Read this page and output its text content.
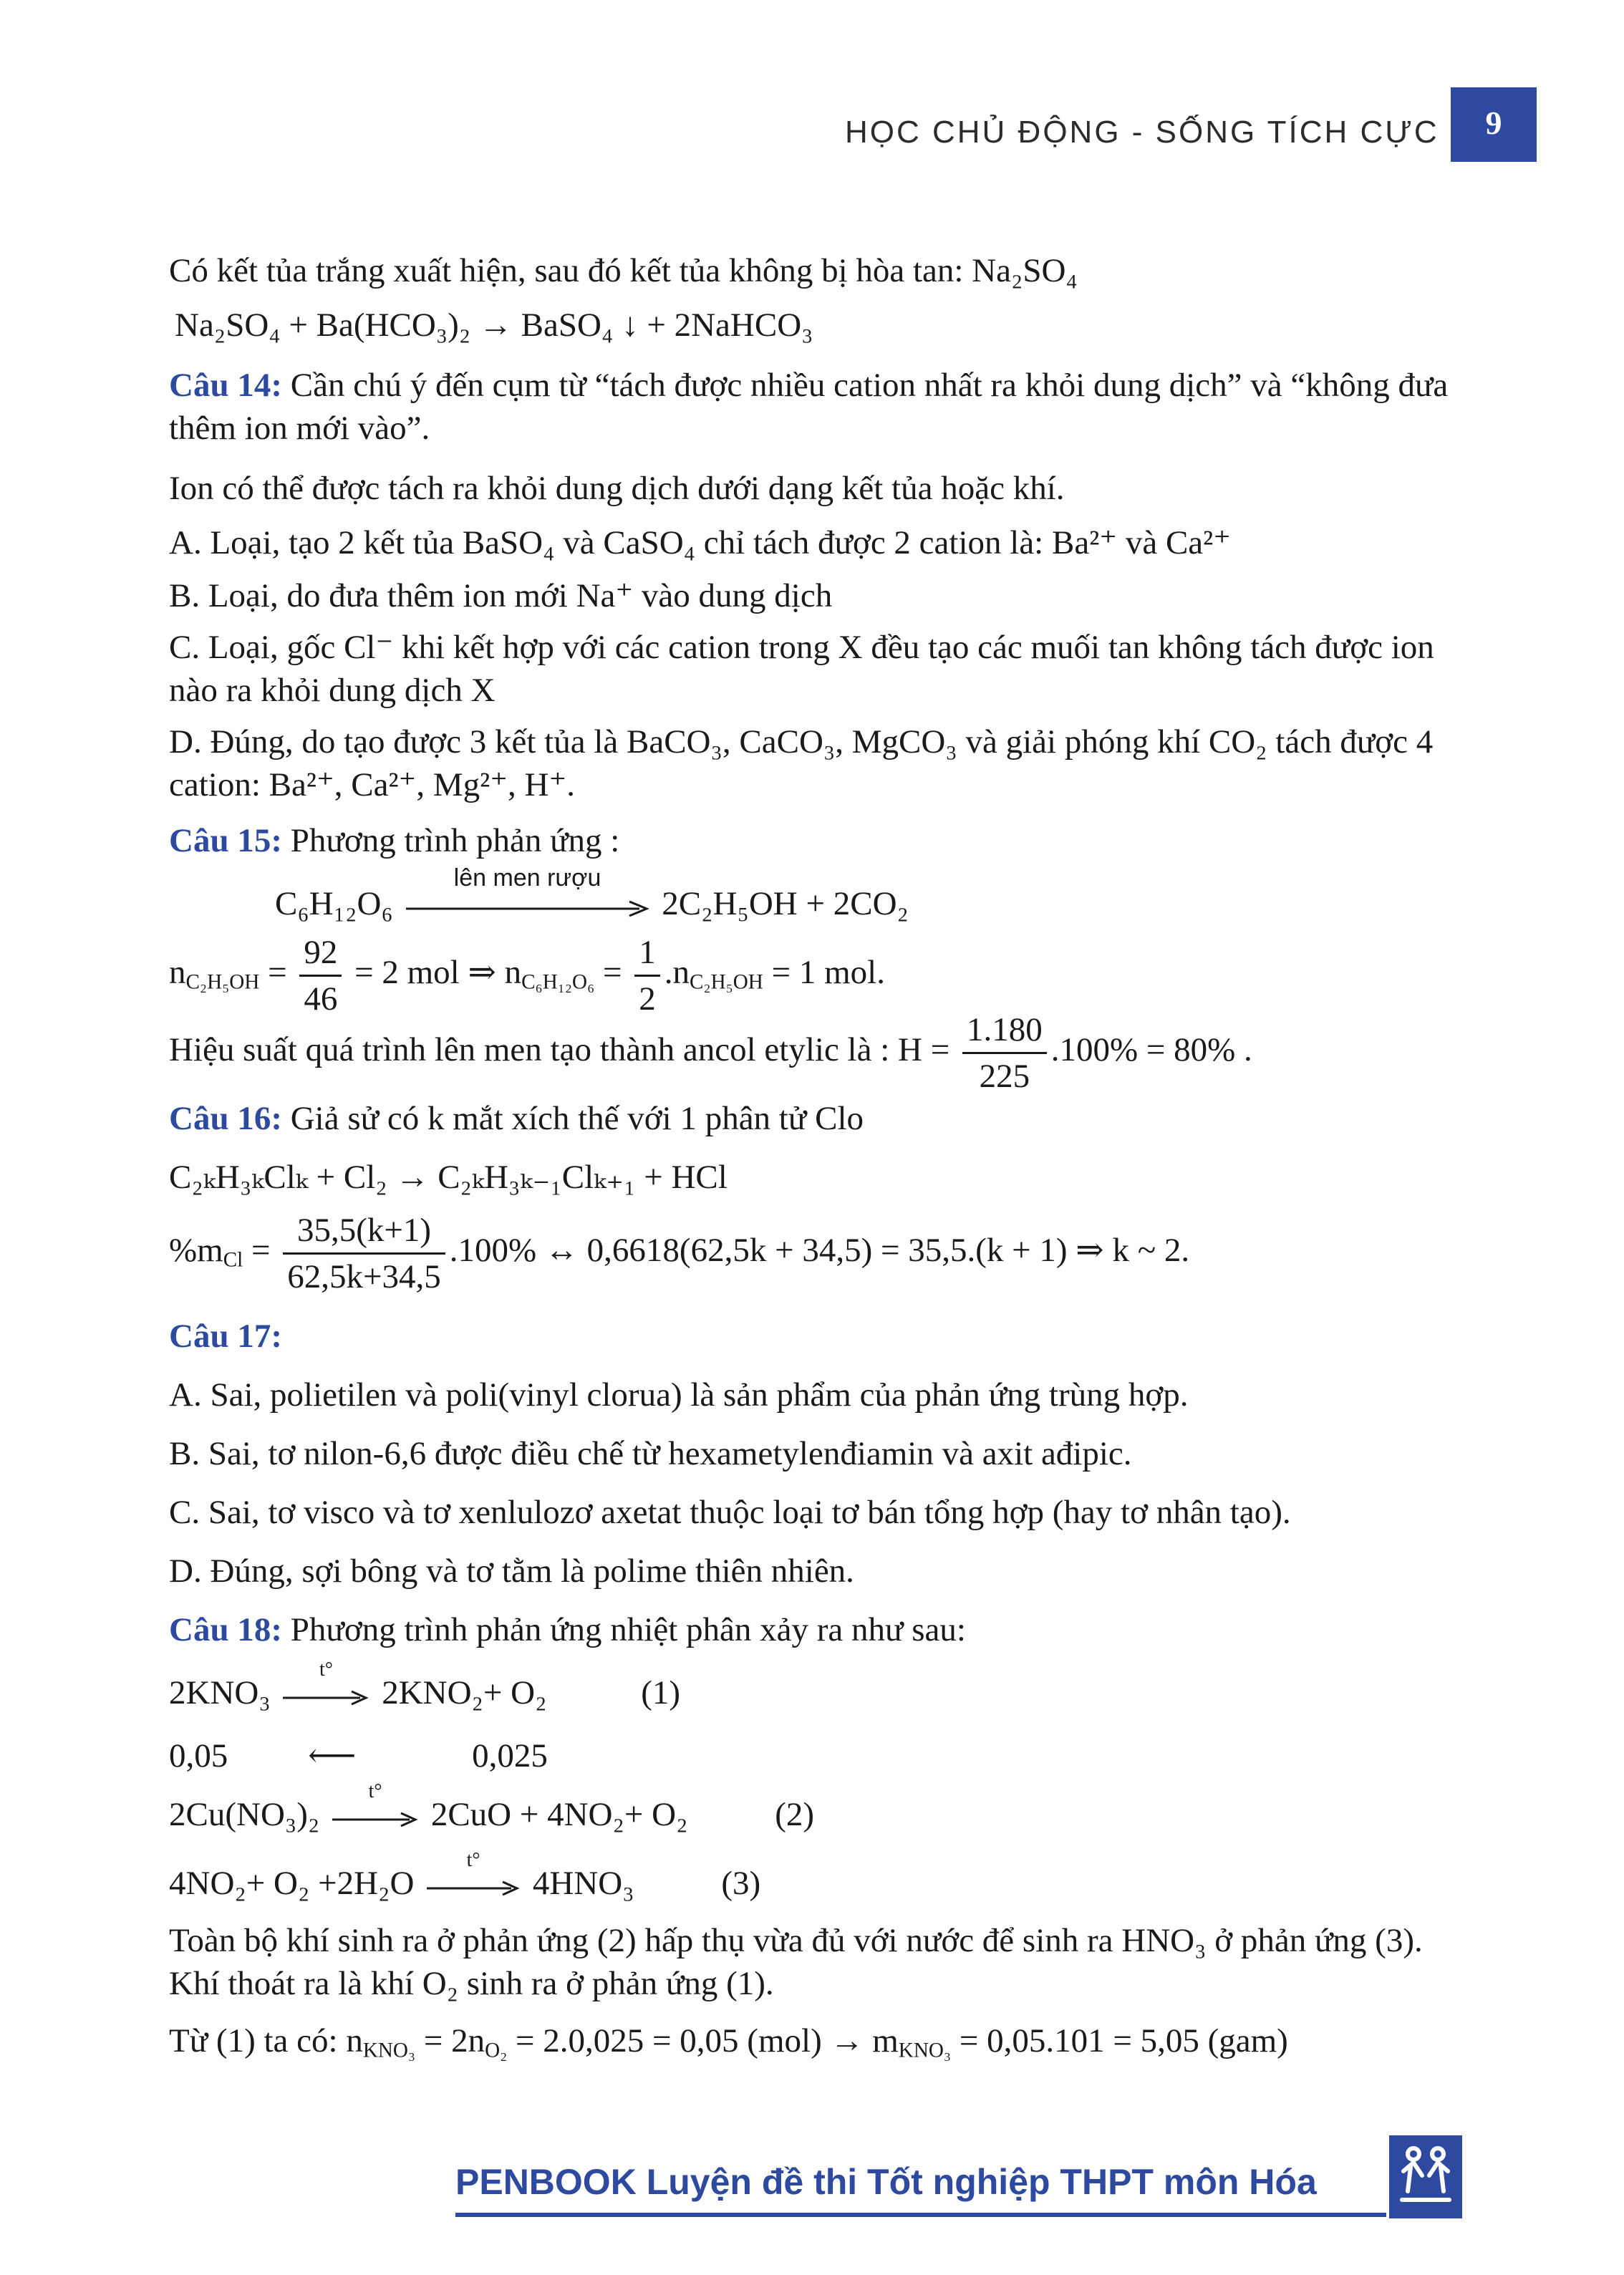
HỌC CHỦ ĐỘNG - SỐNG TÍCH CỰC	9
Có kết tủa trắng xuất hiện, sau đó kết tủa không bị hòa tan: Na₂SO₄
Na₂SO₄ + Ba(HCO₃)₂ → BaSO₄ ↓ + 2NaHCO₃
Câu 14: Cần chú ý đến cụm từ “tách được nhiều cation nhất ra khỏi dung dịch” và “không đưa thêm ion mới vào”.
Ion có thể được tách ra khỏi dung dịch dưới dạng kết tủa hoặc khí.
A. Loại, tạo 2 kết tủa BaSO₄ và CaSO₄ chỉ tách được 2 cation là: Ba²⁺ và Ca²⁺
B. Loại, do đưa thêm ion mới Na⁺ vào dung dịch
C. Loại, gốc Cl⁻ khi kết hợp với các cation trong X đều tạo các muối tan không tách được ion nào ra khỏi dung dịch X
D. Đúng, do tạo được 3 kết tủa là BaCO₃, CaCO₃, MgCO₃ và giải phóng khí CO₂ tách được 4 cation: Ba²⁺, Ca²⁺, Mg²⁺, H⁺.
Câu 15: Phương trình phản ứng :
C₆H₁₂O₆
lên men rượu
2C₂H₅OH + 2CO₂
$n_{C_2H_5OH} = \frac{92}{46} = 2$ mol ⇒ $n_{C_6H_{12}O_6} = \frac{1}{2} .n_{C_2H_5OH} = 1$ mol.
Hiệu suất quá trình lên men tạo thành ancol etylic là : $H = \frac{1.180}{225} .100\% = 80\%$ .
Câu 16: Giả sử có k mắt xích thế với 1 phân tử Clo
C₂ₖH₃ₖClₖ + Cl₂ → C₂ₖH₃ₖ₋₁Clₖ₊₁ + HCl
$\%m_{Cl} = \frac{35,5(k+1)}{62,5k+34,5} .100\%$ ↔ 0,6618(62,5k + 34,5) = 35,5.(k + 1) ⇒ k ~ 2.
Câu 17:
A. Sai, polietilen và poli(vinyl clorua) là sản phẩm của phản ứng trùng hợp.
B. Sai, tơ nilon-6,6 được điều chế từ hexametylenđiamin và axit ađipic.
C. Sai, tơ visco và tơ xenlulozơ axetat thuộc loại tơ bán tổng hợp (hay tơ nhân tạo).
D. Đúng, sợi bông và tơ tằm là polime thiên nhiên.
Câu 18: Phương trình phản ứng nhiệt phân xảy ra như sau:
2KNO₃
t°
2KNO₂+ O₂	(1)
0,05 ⟵	0,025
2Cu(NO₃)₂
t°
2CuO + 4NO₂+ O₂	(2)
4NO₂+ O₂ +2H₂O
t°
4HNO₃	(3)
Toàn bộ khí sinh ra ở phản ứng (2) hấp thụ vừa đủ với nước để sinh ra HNO₃ ở phản ứng (3). Khí thoát ra là khí O₂ sinh ra ở phản ứng (1).
Từ (1) ta có: $n_{KNO_3} = 2n_{O_2} = 2.0,025 = 0,05$ $(mol) \to m_{KNO_3} = 0,05.101 = 5,05$ (gam)
PENBOOK Luyện đề thi Tốt nghiệp THPT môn Hóa
